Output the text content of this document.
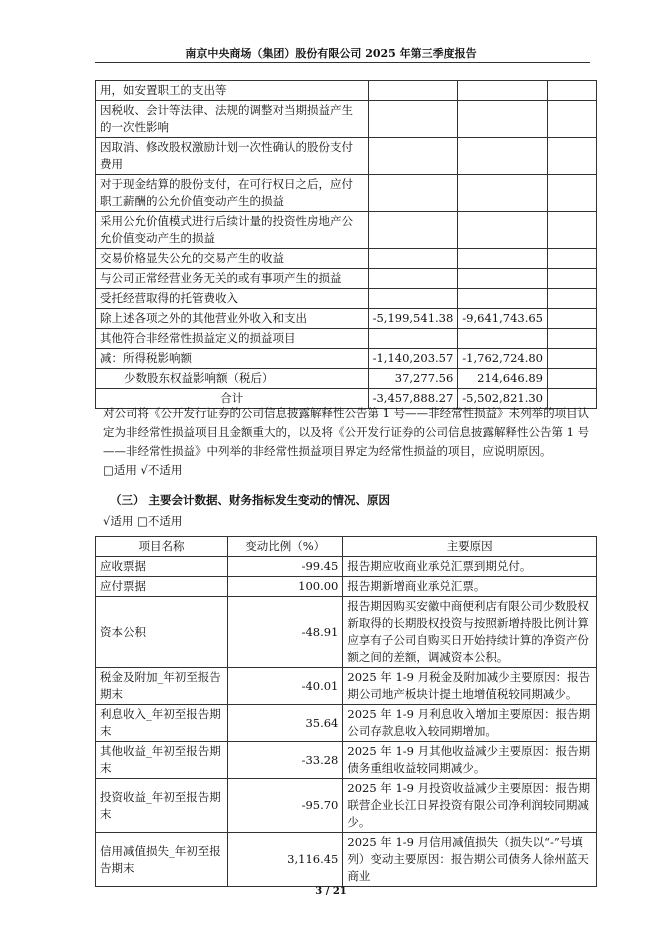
南京中央商场（集团）股份有限公司 2025 年第三季度报告
用，如安置职工的支出等			
因税收、会计等法律、法规的调整对当期损益产生的一次性影响			
因取消、修改股权激励计划一次性确认的股份支付费用			
对于现金结算的股份支付，在可行权日之后，应付职工薪酬的公允价值变动产生的损益			
采用公允价值模式进行后续计量的投资性房地产公允价值变动产生的损益			
交易价格显失公允的交易产生的收益			
与公司正常经营业务无关的或有事项产生的损益			
受托经营取得的托管费收入			
除上述各项之外的其他营业外收入和支出	-5,199,541.38	-9,641,743.65	
其他符合非经常性损益定义的损益项目			
减：所得税影响额	-1,140,203.57	-1,762,724.80	
少数股东权益影响额（税后）	37,277.56	214,646.89	
合计	-3,457,888.27	-5,502,821.30	
对公司将《公开发行证券的公司信息披露解释性公告第 1 号——非经常性损益》未列举的项目认定为非经常性损益项目且金额重大的，以及将《公开发行证券的公司信息披露解释性公告第 1 号——非经常性损益》中列举的非经常性损益项目界定为经常性损益的项目，应说明原因。
□适用 √不适用
（三） 主要会计数据、财务指标发生变动的情况、原因
√适用 □不适用
项目名称	变动比例（%）	主要原因
应收票据	-99.45	报告期应收商业承兑汇票到期兑付。
应付票据	100.00	报告期新增商业承兑汇票。
资本公积	-48.91	报告期因购买安徽中商便利店有限公司少数股权新取得的长期股权投资与按照新增持股比例计算应享有子公司自购买日开始持续计算的净资产份额之间的差额，调减资本公积。
税金及附加_年初至报告期末	-40.01	2025 年 1-9 月税金及附加减少主要原因：报告期公司地产板块计提土地增值税较同期减少。
利息收入_年初至报告期末	35.64	2025 年 1-9 月利息收入增加主要原因：报告期公司存款息收入较同期增加。
其他收益_年初至报告期末	-33.28	2025 年 1-9 月其他收益减少主要原因：报告期债务重组收益较同期减少。
投资收益_年初至报告期末	-95.70	2025 年 1-9 月投资收益减少主要原因：报告期联营企业长江日昇投资有限公司净利润较同期减少。
信用减值损失_年初至报告期末	3,116.45	2025 年 1-9 月信用减值损失（损失以“-”号填列）变动主要原因：报告期公司债务人徐州蓝天商业
3 / 21
